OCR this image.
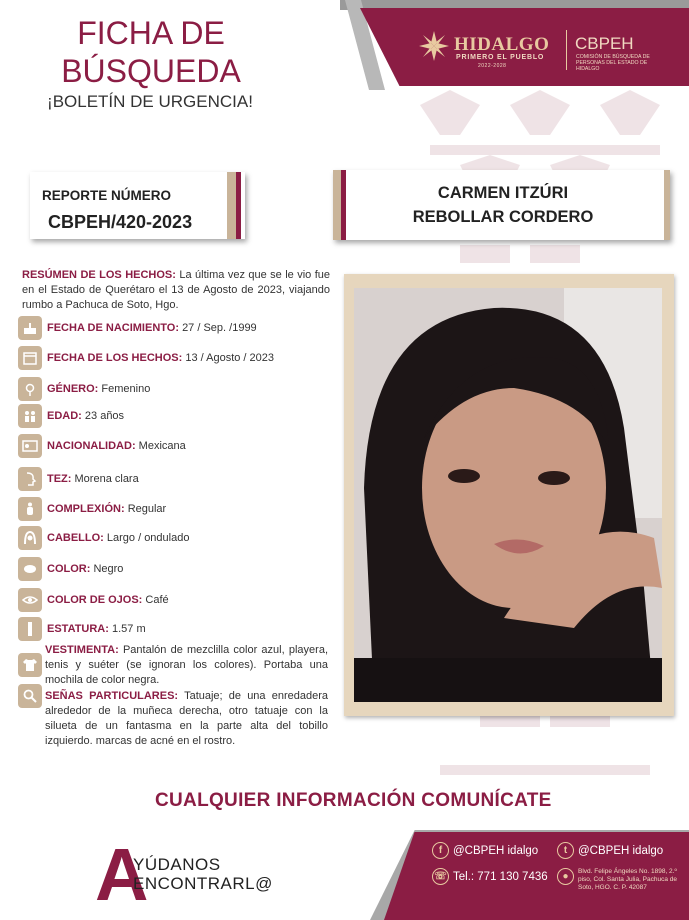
HIDALGO
PRIMERO EL PUEBLO
2022-2028
CBPEH
COMISIÓN DE BÚSQUEDA DE PERSONAS DEL ESTADO DE HIDALGO
FICHA DE
BÚSQUEDA
¡BOLETÍN DE URGENCIA!
REPORTE NÚMERO
CBPEH/420-2023
CARMEN ITZÚRI
REBOLLAR CORDERO
RESÚMEN DE LOS HECHOS: La última vez que se le vio fue en el Estado de Querétaro el 13 de Agosto de 2023, viajando rumbo a Pachuca de Soto, Hgo.
FECHA DE NACIMIENTO: 27 / Sep. /1999
FECHA DE LOS HECHOS: 13 / Agosto / 2023
GÉNERO: Femenino
EDAD: 23 años
NACIONALIDAD: Mexicana
TEZ: Morena clara
COMPLEXIÓN: Regular
CABELLO: Largo / ondulado
COLOR: Negro
COLOR DE OJOS: Café
ESTATURA: 1.57 m
VESTIMENTA: Pantalón de mezclilla color azul, playera, tenis y suéter (se ignoran los colores). Portaba una mochila de color negra.
SEÑAS PARTICULARES: Tatuaje; de una enredadera alrededor de la muñeca derecha, otro tatuaje con la silueta de un fantasma en la parte alta del tobillo izquierdo. marcas de acné en el rostro.
CUALQUIER INFORMACIÓN COMUNÍCATE
A
YÚDANOS
ENCONTRARL@
f @CBPEH idalgo	t @CBPEH idalgo
☏ Tel.: 771 130 7436	●	Blvd. Felipe Ángeles No. 1898, 2.º piso, Col. Santa Julia, Pachuca de Soto, HGO. C. P. 42087
